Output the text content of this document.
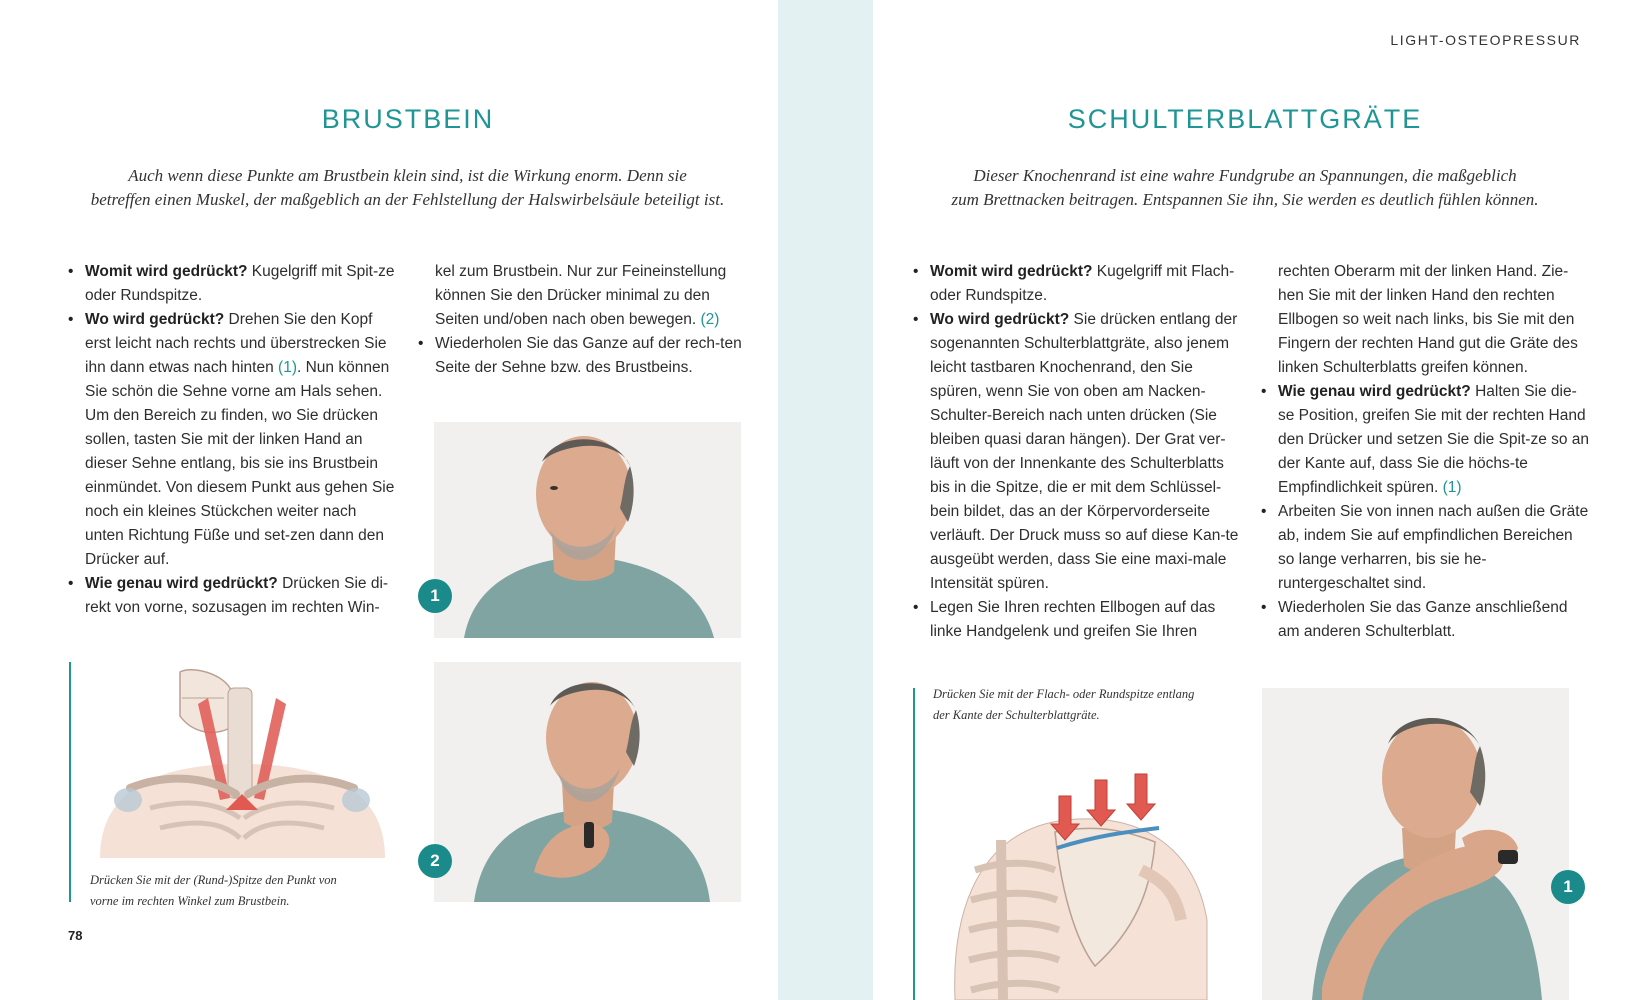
LIGHT-OSTEOPRESSUR
BRUSTBEIN
Auch wenn diese Punkte am Brustbein klein sind, ist die Wirkung enorm. Denn sie
betreffen einen Muskel, der maßgeblich an der Fehlstellung der Halswirbelsäule beteiligt ist.
• Womit wird gedrückt? Kugelgriff mit Spit-ze oder Rundspitze.
• Wo wird gedrückt? Drehen Sie den Kopf erst leicht nach rechts und überstrecken Sie ihn dann etwas nach hinten (1). Nun können Sie schön die Sehne vorne am Hals sehen. Um den Bereich zu finden, wo Sie drücken sollen, tasten Sie mit der linken Hand an dieser Sehne entlang, bis sie ins Brustbein einmündet. Von diesem Punkt aus gehen Sie noch ein kleines Stückchen weiter nach unten Richtung Füße und set-zen dann den Drücker auf.
• Wie genau wird gedrückt? Drücken Sie di-rekt von vorne, sozusagen im rechten Win-

kel zum Brustbein. Nur zur Feineinstellung können Sie den Drücker minimal zu den Seiten und/oben nach oben bewegen. (2)

• Wiederholen Sie das Ganze auf der rech-ten Seite der Sehne bzw. des Brustbeins.
1
2
Drücken Sie mit der (Rund-)Spitze den Punkt von
vorne im rechten Winkel zum Brustbein.
78
SCHULTERBLATTGRÄTE
Dieser Knochenrand ist eine wahre Fundgrube an Spannungen, die maßgeblich
zum Brettnacken beitragen. Entspannen Sie ihn, Sie werden es deutlich fühlen können.
• Womit wird gedrückt? Kugelgriff mit Flach- oder Rundspitze.
• Wo wird gedrückt? Sie drücken entlang der sogenannten Schulterblattgräte, also jenem leicht tastbaren Knochenrand, den Sie spüren, wenn Sie von oben am Nacken-Schulter-Bereich nach unten drücken (Sie bleiben quasi daran hängen). Der Grat ver-läuft von der Innenkante des Schulterblatts bis in die Spitze, die er mit dem Schlüssel-bein bildet, das an der Körpervorderseite verläuft. Der Druck muss so auf diese Kan-te ausgeübt werden, dass Sie eine maxi-male Intensität spüren.
• Legen Sie Ihren rechten Ellbogen auf das linke Handgelenk und greifen Sie Ihren

rechten Oberarm mit der linken Hand. Zie-hen Sie mit der linken Hand den rechten Ellbogen so weit nach links, bis Sie mit den Fingern der rechten Hand gut die Gräte des linken Schulterblatts greifen können.

• Wie genau wird gedrückt? Halten Sie die-se Position, greifen Sie mit der rechten Hand den Drücker und setzen Sie die Spit-ze so an der Kante auf, dass Sie die höchs-te Empfindlichkeit spüren. (1)
• Arbeiten Sie von innen nach außen die Gräte ab, indem Sie auf empfindlichen Bereichen so lange verharren, bis sie he-runtergeschaltet sind.
• Wiederholen Sie das Ganze anschließend am anderen Schulterblatt.
Drücken Sie mit der Flach- oder Rundspitze entlang
der Kante der Schulterblattgräte.
1
